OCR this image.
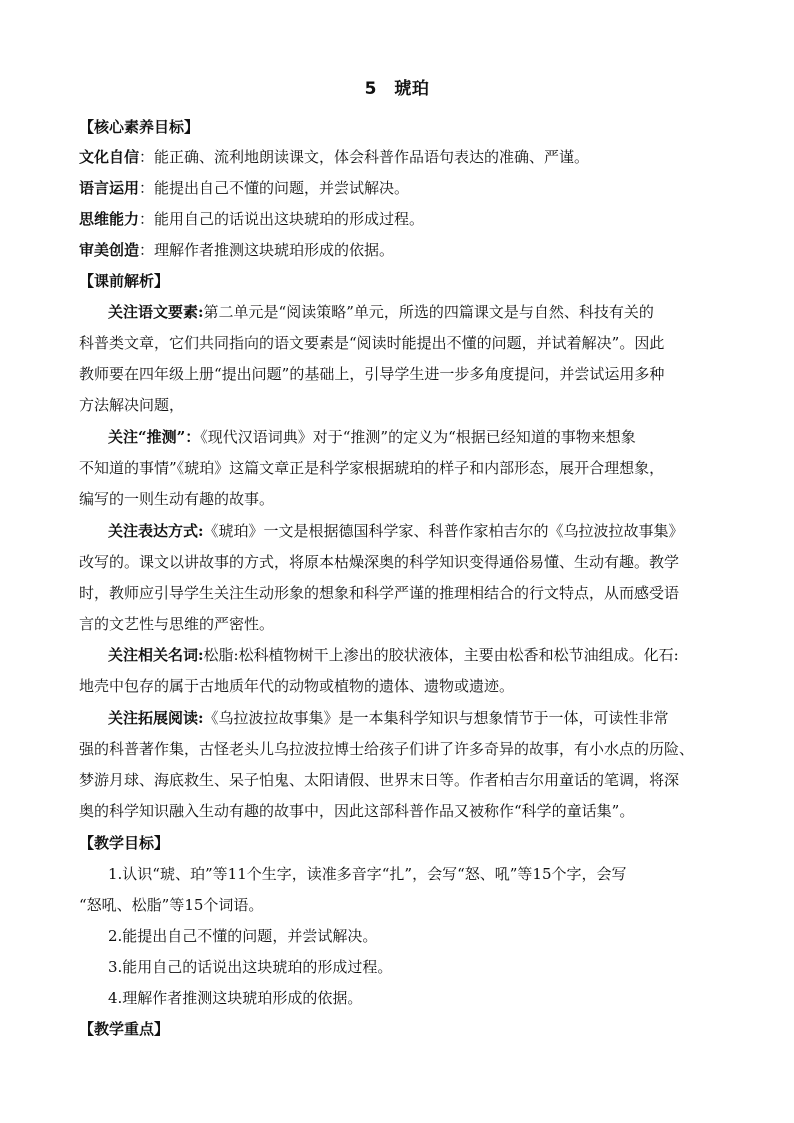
5　琥珀
【核心素养目标】
文化自信：能正确、流利地朗读课文，体会科普作品语句表达的准确、严谨。
语言运用：能提出自己不懂的问题，并尝试解决。
思维能力：能用自己的话说出这块琥珀的形成过程。
审美创造：理解作者推测这块琥珀形成的依据。
【课前解析】
关注语文要素:第二单元是“阅读策略”单元，所选的四篇课文是与自然、科技有关的
科普类文章，它们共同指向的语文要素是“阅读时能提出不懂的问题，并试着解决”。因此
教师要在四年级上册“提出问题”的基础上，引导学生进一步多角度提问，并尝试运用多种
方法解决问题，
关注“推测”：《现代汉语词典》对于“推测”的定义为“根据已经知道的事物来想象
不知道的事情”《琥珀》这篇文章正是科学家根据琥珀的样子和内部形态，展开合理想象，
编写的一则生动有趣的故事。
关注表达方式:《琥珀》一文是根据德国科学家、科普作家柏吉尔的《乌拉波拉故事集》
改写的。课文以讲故事的方式，将原本枯燥深奥的科学知识变得通俗易懂、生动有趣。教学
时，教师应引导学生关注生动形象的想象和科学严谨的推理相结合的行文特点，从而感受语
言的文艺性与思维的严密性。
关注相关名词:松脂:松科植物树干上渗出的胶状液体，主要由松香和松节油组成。化石:
地壳中包存的属于古地质年代的动物或植物的遗体、遗物或遗迹。
关注拓展阅读:《乌拉波拉故事集》是一本集科学知识与想象情节于一体，可读性非常
强的科普著作集，古怪老头儿乌拉波拉博士给孩子们讲了许多奇异的故事，有小水点的历险、
梦游月球、海底救生、呆子怕鬼、太阳请假、世界末日等。作者柏吉尔用童话的笔调，将深
奥的科学知识融入生动有趣的故事中，因此这部科普作品又被称作“科学的童话集”。
【教学目标】
1.认识“琥、珀”等11个生字，读准多音字“扎”，会写“怒、吼”等15个字，会写
“怒吼、松脂”等15个词语。
2.能提出自己不懂的问题，并尝试解决。
3.能用自己的话说出这块琥珀的形成过程。
4.理解作者推测这块琥珀形成的依据。
【教学重点】
